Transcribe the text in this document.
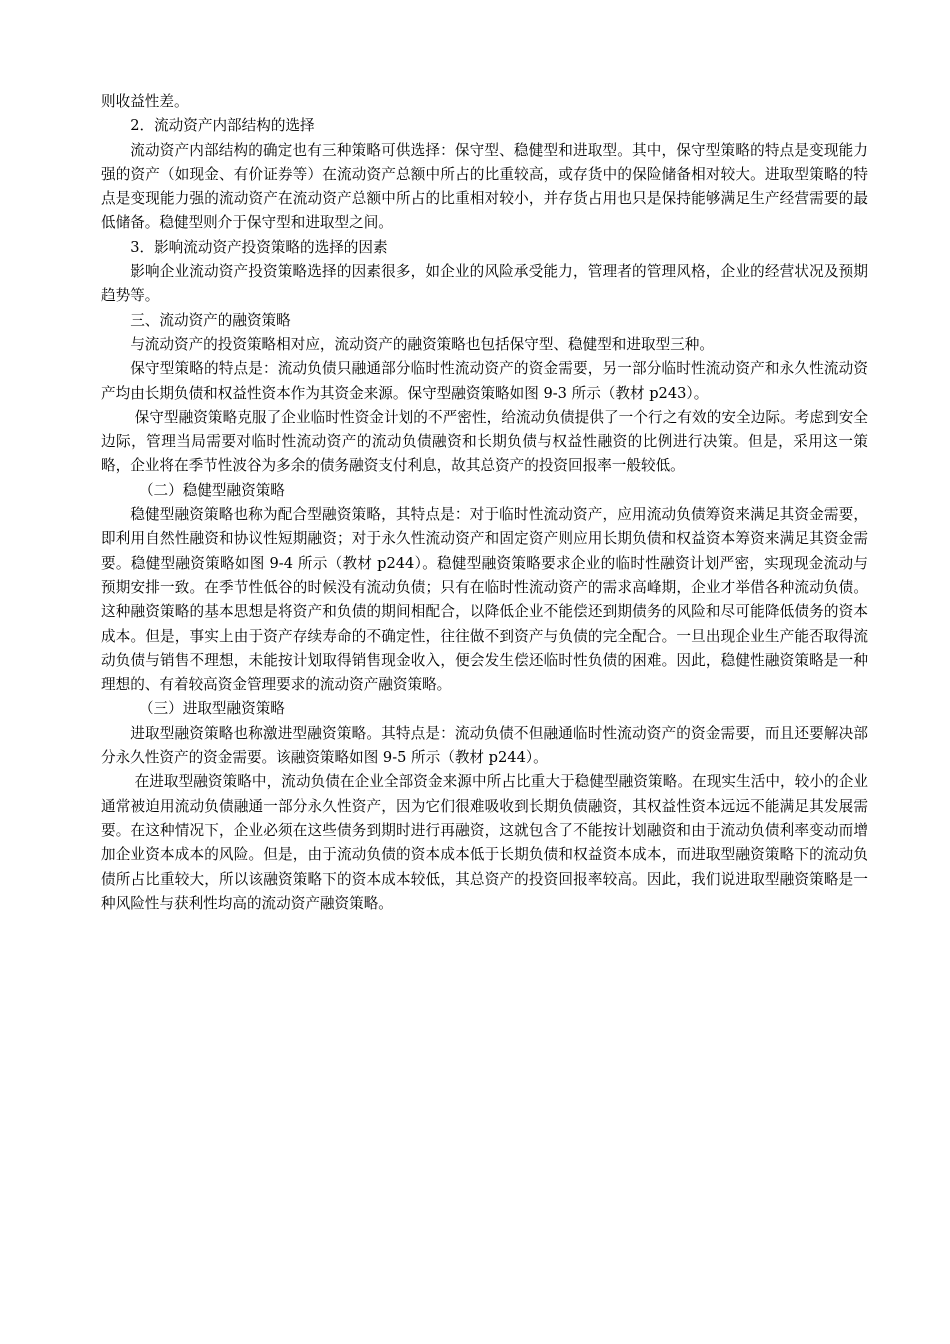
则收益性差。

2．流动资产内部结构的选择

流动资产内部结构的确定也有三种策略可供选择：保守型、稳健型和进取型。其中，保守型策略的特点是变现能力强的资产（如现金、有价证券等）在流动资产总额中所占的比重较高，或存货中的保险储备相对较大。进取型策略的特点是变现能力强的流动资产在流动资产总额中所占的比重相对较小，并存货占用也只是保持能够满足生产经营需要的最低储备。稳健型则介于保守型和进取型之间。

3．影响流动资产投资策略的选择的因素

影响企业流动资产投资策略选择的因素很多，如企业的风险承受能力，管理者的管理风格，企业的经营状况及预期趋势等。

三、流动资产的融资策略

与流动资产的投资策略相对应，流动资产的融资策略也包括保守型、稳健型和进取型三种。

保守型策略的特点是：流动负债只融通部分临时性流动资产的资金需要，另一部分临时性流动资产和永久性流动资产均由长期负债和权益性资本作为其资金来源。保守型融资策略如图 9-3 所示（教材 p243）。

保守型融资策略克服了企业临时性资金计划的不严密性，给流动负债提供了一个行之有效的安全边际。考虑到安全边际，管理当局需要对临时性流动资产的流动负债融资和长期负债与权益性融资的比例进行决策。但是，采用这一策略，企业将在季节性波谷为多余的债务融资支付利息，故其总资产的投资回报率一般较低。

（二）稳健型融资策略

稳健型融资策略也称为配合型融资策略，其特点是：对于临时性流动资产，应用流动负债筹资来满足其资金需要，即利用自然性融资和协议性短期融资；对于永久性流动资产和固定资产则应用长期负债和权益资本筹资来满足其资金需要。稳健型融资策略如图 9-4 所示（教材 p244）。稳健型融资策略要求企业的临时性融资计划严密，实现现金流动与预期安排一致。在季节性低谷的时候没有流动负债；只有在临时性流动资产的需求高峰期，企业才举借各种流动负债。这种融资策略的基本思想是将资产和负债的期间相配合，以降低企业不能偿还到期债务的风险和尽可能降低债务的资本成本。但是，事实上由于资产存续寿命的不确定性，往往做不到资产与负债的完全配合。一旦出现企业生产能否取得流动负债与销售不理想，未能按计划取得销售现金收入，便会发生偿还临时性负债的困难。因此，稳健性融资策略是一种理想的、有着较高资金管理要求的流动资产融资策略。

（三）进取型融资策略

进取型融资策略也称激进型融资策略。其特点是：流动负债不但融通临时性流动资产的资金需要，而且还要解决部分永久性资产的资金需要。该融资策略如图 9-5 所示（教材 p244）。

在进取型融资策略中，流动负债在企业全部资金来源中所占比重大于稳健型融资策略。在现实生活中，较小的企业通常被迫用流动负债融通一部分永久性资产，因为它们很难吸收到长期负债融资，其权益性资本远远不能满足其发展需要。在这种情况下，企业必须在这些债务到期时进行再融资，这就包含了不能按计划融资和由于流动负债利率变动而增加企业资本成本的风险。但是，由于流动负债的资本成本低于长期负债和权益资本成本，而进取型融资策略下的流动负债所占比重较大，所以该融资策略下的资本成本较低，其总资产的投资回报率较高。因此，我们说进取型融资策略是一种风险性与获利性均高的流动资产融资策略。
